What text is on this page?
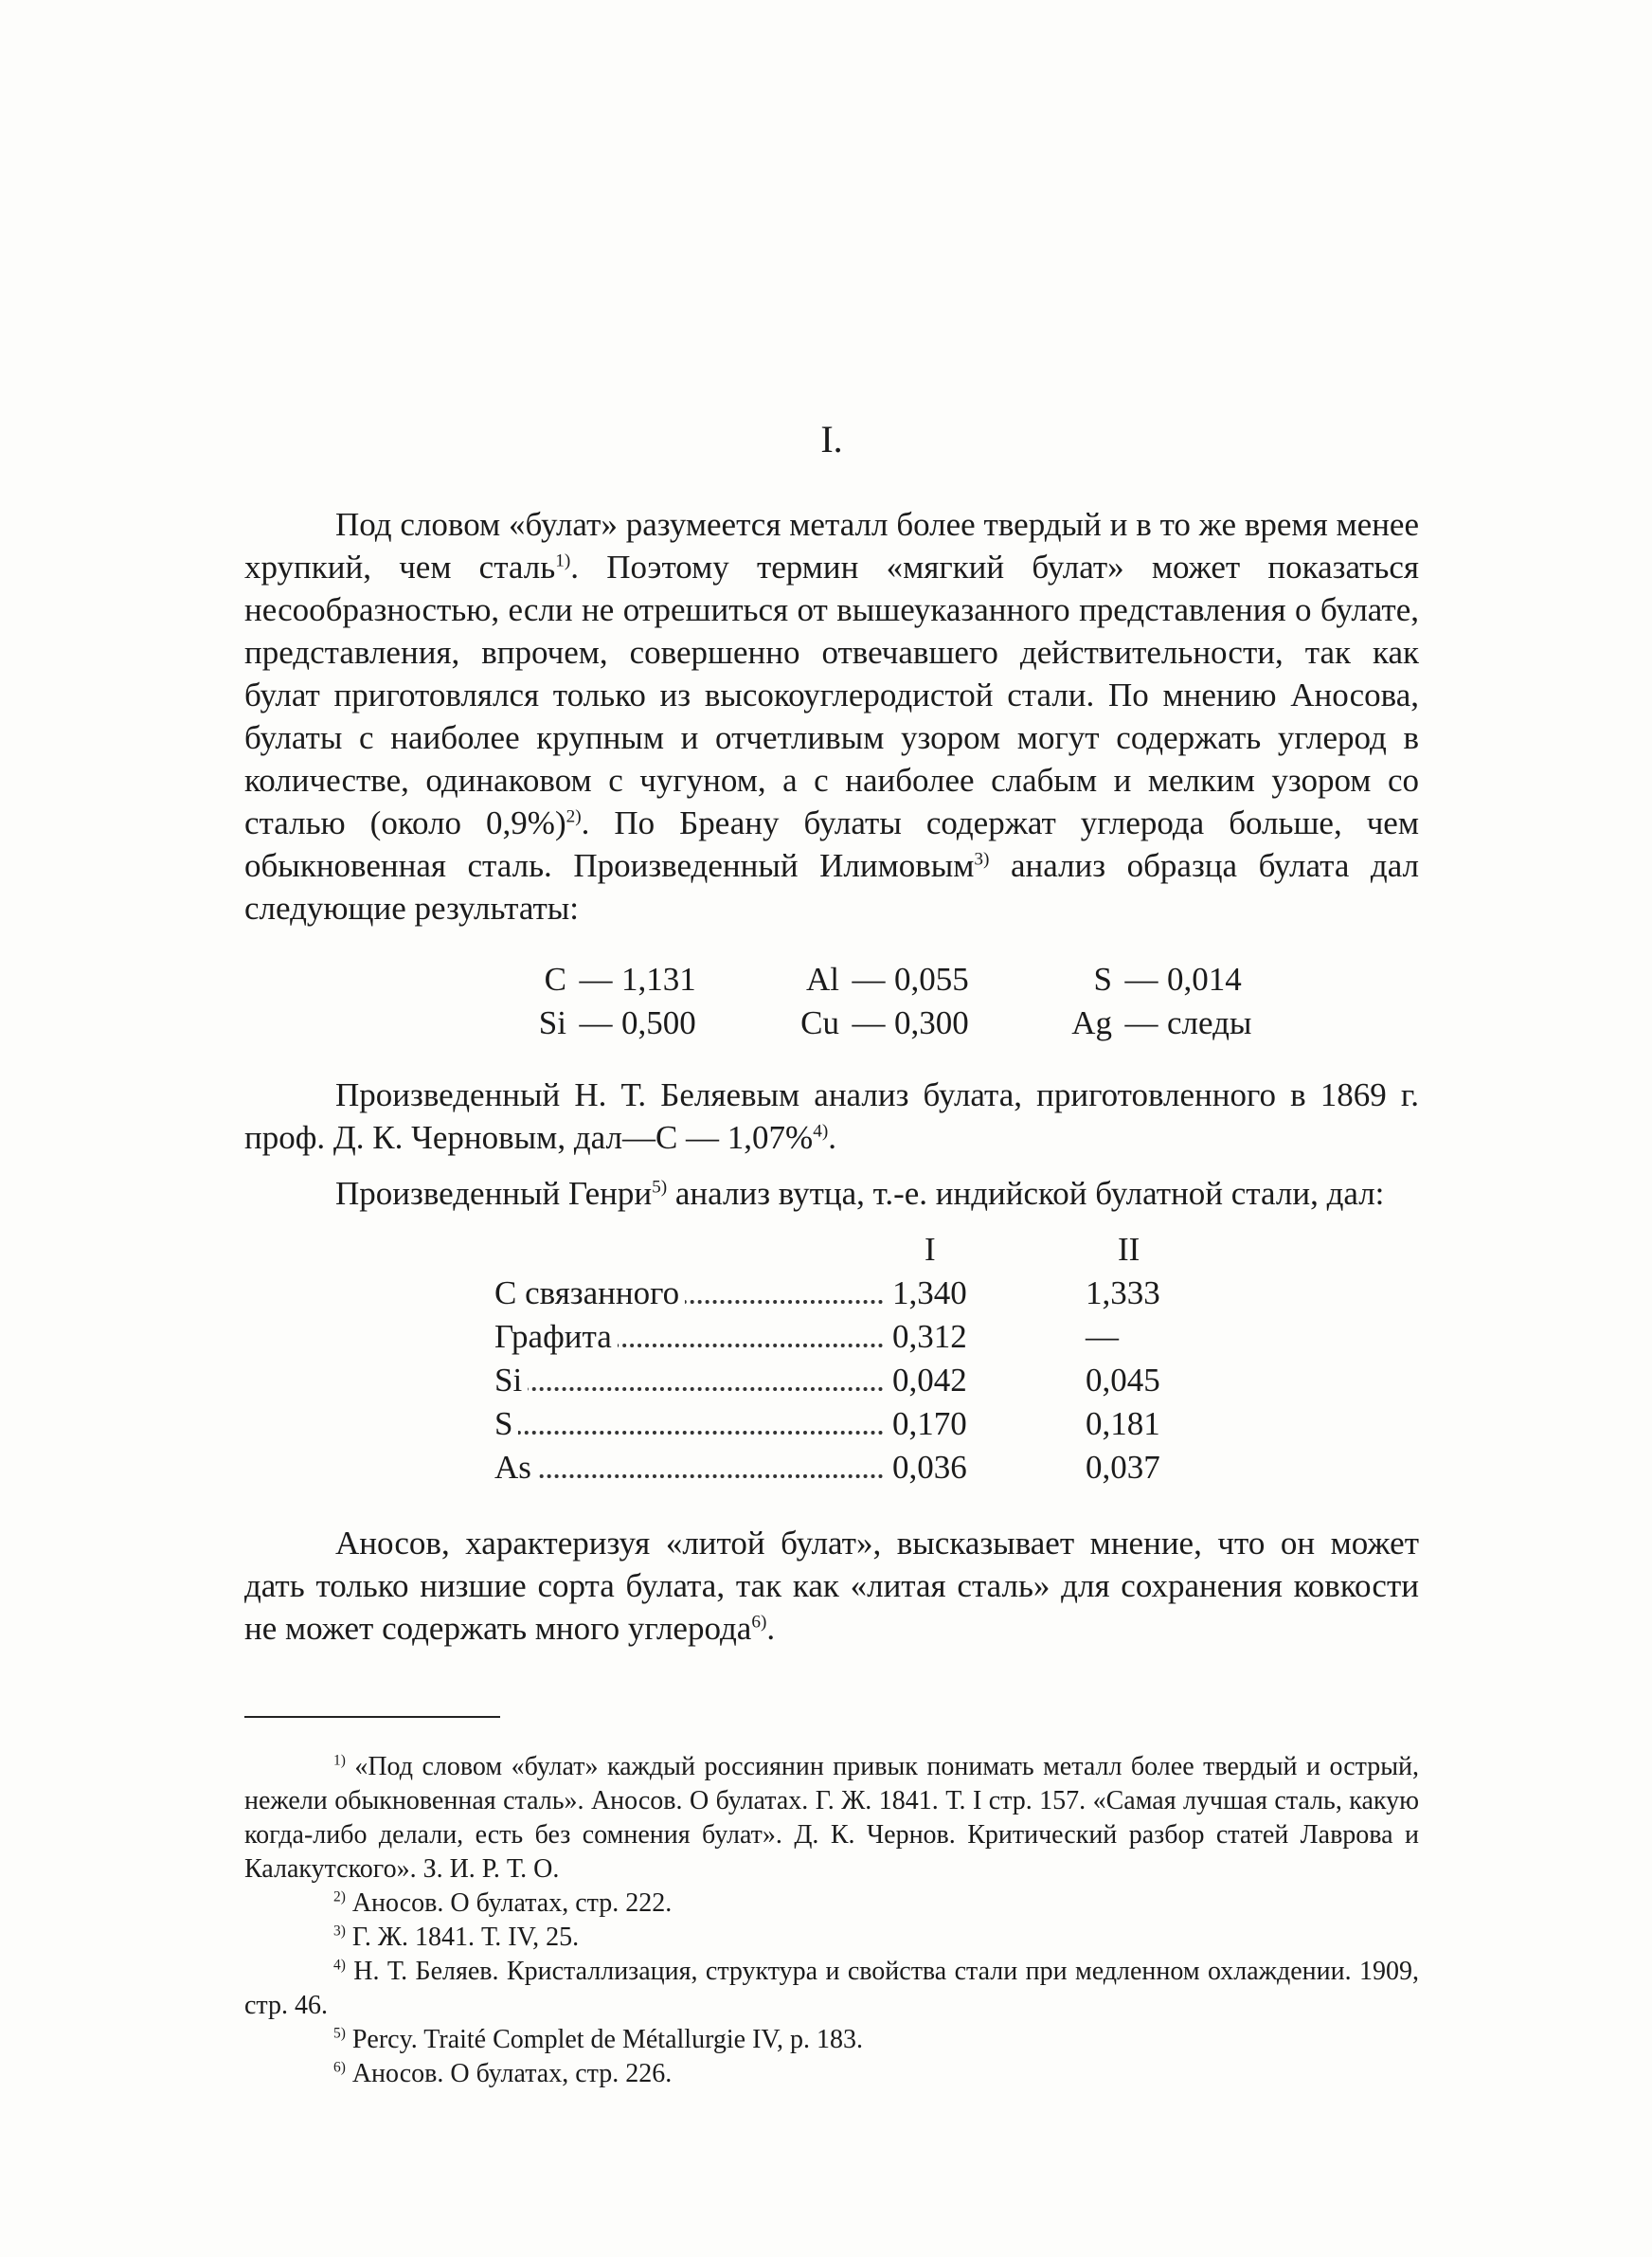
I.

Под словом «булат» разумеется металл более твердый и в то же время менее хрупкий, чем сталь$^{1)}$. Поэтому термин «мягкий булат» может показаться несообразностью, если не отрешиться от вышеуказанного представления о булате, представления, впрочем, совершенно отвечавшего действительности, так как булат приготовлялся только из высокоуглеродистой стали. По мнению Аносова, булаты с наиболее крупным и отчетливым узором могут содержать углерод в количестве, одинаковом с чугуном, а с наиболее слабым и мелким узором со сталью (около 0,9%)$^{2)}$. По Бреану булаты содержат углерода больше, чем обыкновенная сталь. Произведенный Илимовым$^{3)}$ анализ образца булата дал следующие результаты:

C	—	1,131	Al	—	0,055	S	—	0,014
Si	—	0,500	Cu	—	0,300	Ag	—	следы

Произведенный Н. Т. Беляевым анализ булата, приготовленного в 1869 г. проф. Д. К. Черновым, дал—С — 1,07%$^{4)}$.

Произведенный Генри$^{5)}$ анализ вутца, т.-е. индийской булатной стали, дал:

	I	II

С связанного	1,340	1,333

Графита	0,312	—

Si	0,042	0,045

S	0,170	0,181

As	0,036	0,037

Аносов, характеризуя «литой булат», высказывает мнение, что он может дать только низшие сорта булата, так как «литая сталь» для сохранения ковкости не может содержать много углерода$^{6)}$.

$^{1)}$ «Под словом «булат» каждый россиянин привык понимать металл более твердый и острый, нежели обыкновенная сталь». Аносов. О булатах. Г. Ж. 1841. Т. I стр. 157. «Самая лучшая сталь, какую когда-либо делали, есть без сомнения булат». Д. К. Чернов. Критический разбор статей Лаврова и Калакутского». З. И. Р. Т. О.

$^{2)}$ Аносов. О булатах, стр. 222.

$^{3)}$ Г. Ж. 1841. Т. IV, 25.

$^{4)}$ Н. Т. Беляев. Кристаллизация, структура и свойства стали при медленном охлаждении. 1909, стр. 46.

$^{5)}$ Percy. Traité Complet de Métallurgie IV, p. 183.

$^{6)}$ Аносов. О булатах, стр. 226.
